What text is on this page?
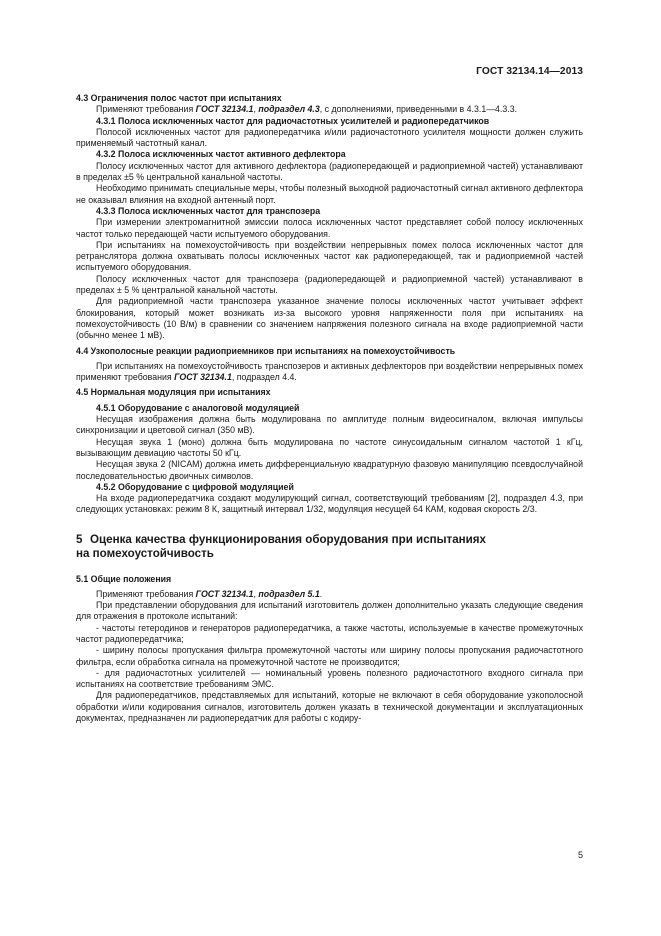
ГОСТ 32134.14—2013

4.3 Ограничения полос частот при испытаниях

Применяют требования ГОСТ 32134.1, подраздел 4.3, с дополнениями, приведенными в 4.3.1—4.3.3.

4.3.1 Полоса исключенных частот для радиочастотных усилителей и радиопередатчиков

Полосой исключенных частот для радиопередатчика и/или радиочастотного усилителя мощности должен служить применяемый частотный канал.

4.3.2 Полоса исключенных частот активного дефлектора

Полосу исключенных частот для активного дефлектора (радиопередающей и радиоприемной частей) устанавливают в пределах ±5 % центральной канальной частоты.

Необходимо принимать специальные меры, чтобы полезный выходной радиочастотный сигнал активного дефлектора не оказывал влияния на входной антенный порт.

4.3.3 Полоса исключенных частот для транспозера

При измерении электромагнитной эмиссии полоса исключенных частот представляет собой полосу исключенных частот только передающей части испытуемого оборудования.

При испытаниях на помехоустойчивость при воздействии непрерывных помех полоса исключенных частот для ретранслятора должна охватывать полосы исключенных частот как радиопередающей, так и радиоприемной частей испытуемого оборудования.

Полосу исключенных частот для транспозера (радиопередающей и радиоприемной частей) устанавливают в пределах ± 5 % центральной канальной частоты.

Для радиоприемной части транспозера указанное значение полосы исключенных частот учитывает эффект блокирования, который может возникать из-за высокого уровня напряженности поля при испытаниях на помехоустойчивость (10 В/м) в сравнении со значением напряжения полезного сигнала на входе радиоприемной части (обычно менее 1 мВ).

4.4 Узкополосные реакции радиоприемников при испытаниях на помехоустойчивость

При испытаниях на помехоустойчивость транспозеров и активных дефлекторов при воздействии непрерывных помех применяют требования ГОСТ 32134.1, подраздел 4.4.

4.5 Нормальная модуляция при испытаниях

4.5.1 Оборудование с аналоговой модуляцией

Несущая изображения должна быть модулирована по амплитуде полным видеосигналом, включая импульсы синхронизации и цветовой сигнал (350 мВ).

Несущая звука 1 (моно) должна быть модулирована по частоте синусоидальным сигналом частотой 1 кГц, вызывающим девиацию частоты 50 кГц.

Несущая звука 2 (NICAM) должна иметь дифференциальную квадратурную фазовую манипуляцию псевдослучайной последовательностью двоичных символов.

4.5.2 Оборудование с цифровой модуляцией

На входе радиопередатчика создают модулирующий сигнал, соответствующий требованиям [2], подраздел 4.3, при следующих установках: режим 8 К, защитный интервал 1/32, модуляция несущей 64 КАМ, кодовая скорость 2/3.

5 Оценка качества функционирования оборудования при испытаниях
на помехоустойчивость

5.1 Общие положения

Применяют требования ГОСТ 32134.1, подраздел 5.1.

При представлении оборудования для испытаний изготовитель должен дополнительно указать следующие сведения для отражения в протоколе испытаний:

- частоты гетеродинов и генераторов радиопередатчика, а также частоты, используемые в качестве промежуточных частот радиопередатчика;

- ширину полосы пропускания фильтра промежуточной частоты или ширину полосы пропускания радиочастотного фильтра, если обработка сигнала на промежуточной частоте не производится;

- для радиочастотных усилителей — номинальный уровень полезного радиочастотного входного сигнала при испытаниях на соответствие требованиям ЭМС.

Для радиопередатчиков, представляемых для испытаний, которые не включают в себя оборудование узкополосной обработки и/или кодирования сигналов, изготовитель должен указать в технической документации и эксплуатационных документах, предназначен ли радиопередатчик для работы с кодиру-

5
